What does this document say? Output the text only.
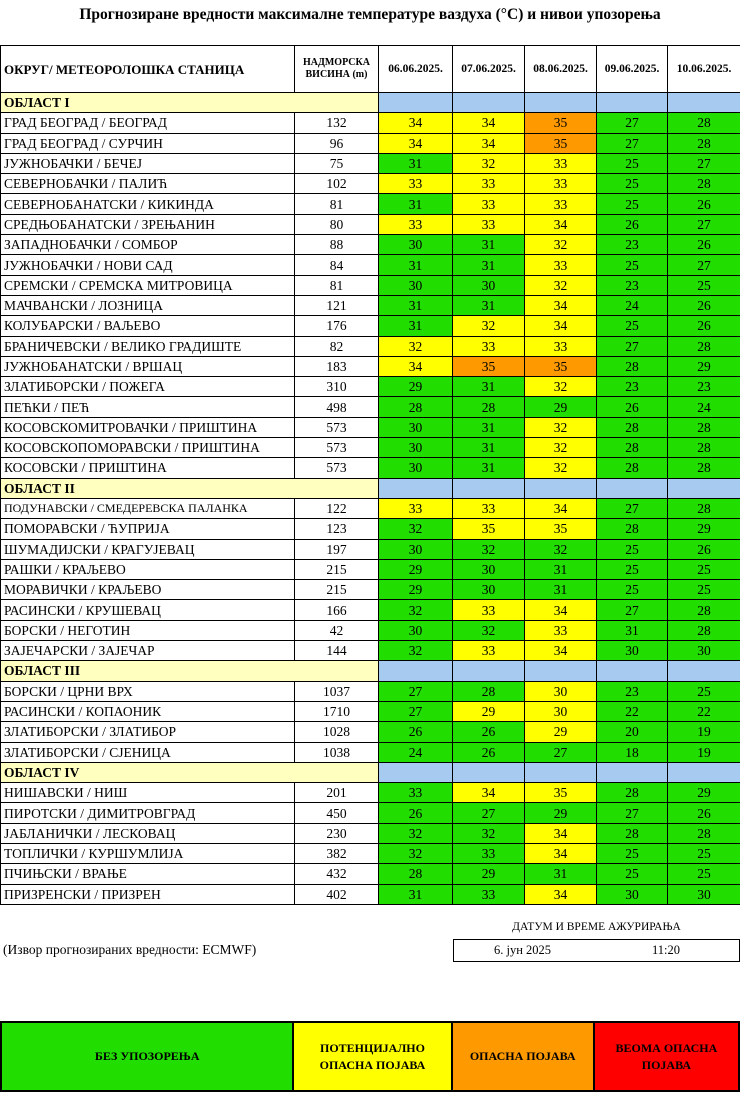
Прогнозиране вредности максималне температуре ваздуха (°C) и нивои упозорења
ОКРУГ/ МЕТЕОРОЛОШКА СТАНИЦА	НАДМОРСКА ВИСИНА (m)	06.06.2025.	07.06.2025.	08.06.2025.	09.06.2025.	10.06.2025.
ОБЛАСТ I						
ГРАД БЕОГРАД / БЕОГРАД	132	34	34	35	27	28
ГРАД БЕОГРАД / СУРЧИН	96	34	34	35	27	28
ЈУЖНОБАЧКИ / БЕЧЕЈ	75	31	32	33	25	27
СЕВЕРНОБАЧКИ / ПАЛИЋ	102	33	33	33	25	28
СЕВЕРНОБАНАТСКИ / КИКИНДА	81	31	33	33	25	26
СРЕДЊОБАНАТСКИ / ЗРЕЊАНИН	80	33	33	34	26	27
ЗАПАДНОБАЧКИ / СОМБОР	88	30	31	32	23	26
ЈУЖНОБАЧКИ / НОВИ САД	84	31	31	33	25	27
СРЕМСКИ / СРЕМСКА МИТРОВИЦА	81	30	30	32	23	25
МАЧВАНСКИ / ЛОЗНИЦА	121	31	31	34	24	26
КОЛУБАРСКИ / ВАЉЕВО	176	31	32	34	25	26
БРАНИЧЕВСКИ / ВЕЛИКО ГРАДИШТЕ	82	32	33	33	27	28
ЈУЖНОБАНАТСКИ / ВРШАЦ	183	34	35	35	28	29
ЗЛАТИБОРСКИ / ПОЖЕГА	310	29	31	32	23	23
ПЕЋКИ / ПЕЋ	498	28	28	29	26	24
КОСОВСКОМИТРОВАЧКИ / ПРИШТИНА	573	30	31	32	28	28
КОСОВСКОПОМОРАВСКИ / ПРИШТИНА	573	30	31	32	28	28
КОСОВСКИ / ПРИШТИНА	573	30	31	32	28	28
ОБЛАСТ II						
ПОДУНАВСКИ / СМЕДЕРЕВСКА ПАЛАНКА	122	33	33	34	27	28
ПОМОРАВСКИ / ЋУПРИЈА	123	32	35	35	28	29
ШУМАДИЈСКИ / КРАГУЈЕВАЦ	197	30	32	32	25	26
РАШКИ / КРАЉЕВО	215	29	30	31	25	25
МОРАВИЧКИ / КРАЉЕВО	215	29	30	31	25	25
РАСИНСКИ / КРУШЕВАЦ	166	32	33	34	27	28
БОРСКИ / НЕГОТИН	42	30	32	33	31	28
ЗАЈЕЧАРСКИ / ЗАЈЕЧАР	144	32	33	34	30	30
ОБЛАСТ III						
БОРСКИ / ЦРНИ ВРХ	1037	27	28	30	23	25
РАСИНСКИ / КОПАОНИК	1710	27	29	30	22	22
ЗЛАТИБОРСКИ / ЗЛАТИБОР	1028	26	26	29	20	19
ЗЛАТИБОРСКИ / СЈЕНИЦА	1038	24	26	27	18	19
ОБЛАСТ IV						
НИШАВСКИ / НИШ	201	33	34	35	28	29
ПИРОТСКИ / ДИМИТРОВГРАД	450	26	27	29	27	26
ЈАБЛАНИЧКИ / ЛЕСКОВАЦ	230	32	32	34	28	28
ТОПЛИЧКИ / КУРШУМЛИЈА	382	32	33	34	25	25
ПЧИЊСКИ / ВРАЊЕ	432	28	29	31	25	25
ПРИЗРЕНСКИ / ПРИЗРЕН	402	31	33	34	30	30
ДАТУМ И ВРЕМЕ АЖУРИРАЊА
6. јун 2025	11:20
(Извор прогнозираних вредности: ECMWF)
БЕЗ УПОЗОРЕЊА
ПОТЕНЦИЈАЛНО ОПАСНА ПОЈАВА
ОПАСНА ПОЈАВА
ВЕОМА ОПАСНА ПОЈАВА
